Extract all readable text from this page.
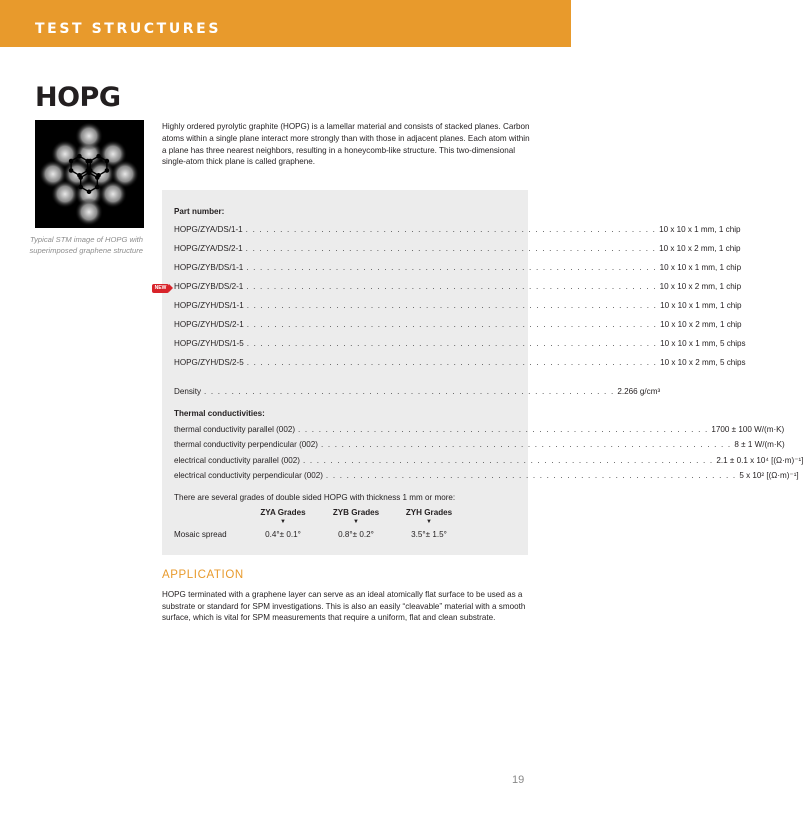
TEST STRUCTURES
HOPG
Typical STM image of HOPG with superimposed graphene structure
Highly ordered pyrolytic graphite (HOPG) is a lamellar material and consists of stacked planes. Carbon atoms within a single plane interact more strongly than with those in adjacent planes. Each atom within a plane has three nearest neighbors, resulting in a honeycomb-like structure. This two-dimensional single-atom thick plane is called graphene.
Part number:
HOPG/ZYA/DS/1-1 . . . . . . . . . . . . . . . . . . . . . . . . . . . . . . . . . . . . . . . . . . . . . . . . . . . . . . . . . . . . 10 x 10 x 1 mm, 1 chip
HOPG/ZYA/DS/2-1 . . . . . . . . . . . . . . . . . . . . . . . . . . . . . . . . . . . . . . . . . . . . . . . . . . . . . . . . . . . . 10 x 10 x 2 mm, 1 chip
HOPG/ZYB/DS/1-1 . . . . . . . . . . . . . . . . . . . . . . . . . . . . . . . . . . . . . . . . . . . . . . . . . . . . . . . . . . . . 10 x 10 x 1 mm, 1 chip
HOPG/ZYB/DS/2-1 . . . . . . . . . . . . . . . . . . . . . . . . . . . . . . . . . . . . . . . . . . . . . . . . . . . . . . . . . . . . 10 x 10 x 2 mm, 1 chip
HOPG/ZYH/DS/1-1 . . . . . . . . . . . . . . . . . . . . . . . . . . . . . . . . . . . . . . . . . . . . . . . . . . . . . . . . . . . . 10 x 10 x 1 mm, 1 chip
HOPG/ZYH/DS/2-1 . . . . . . . . . . . . . . . . . . . . . . . . . . . . . . . . . . . . . . . . . . . . . . . . . . . . . . . . . . . . 10 x 10 x 2 mm, 1 chip
HOPG/ZYH/DS/1-5 . . . . . . . . . . . . . . . . . . . . . . . . . . . . . . . . . . . . . . . . . . . . . . . . . . . . . . . . . . . . 10 x 10 x 1 mm, 5 chips
HOPG/ZYH/DS/2-5 . . . . . . . . . . . . . . . . . . . . . . . . . . . . . . . . . . . . . . . . . . . . . . . . . . . . . . . . . . . . 10 x 10 x 2 mm, 5 chips
Density . . . . . . . . . . . . . . . . . . . . . . . . . . . . . . . . . . . . . . . . . . . . . . . . . . . . . . . . . . . . 2.266 g/cm³
Thermal conductivities:
thermal conductivity parallel (002) . . . . . . . . . . . . . . . . . . . . . . . . . . . . . . . . . . . . . . . . . . . . . . . . . . . . . . . . . . . . 1700 ± 100 W/(m·K)
thermal conductivity perpendicular (002) . . . . . . . . . . . . . . . . . . . . . . . . . . . . . . . . . . . . . . . . . . . . . . . . . . . . . . . . . . . . 8 ± 1 W/(m·K)
electrical conductivity parallel (002) . . . . . . . . . . . . . . . . . . . . . . . . . . . . . . . . . . . . . . . . . . . . . . . . . . . . . . . . . . . . 2.1 ± 0.1 x 10⁴ [(Ω·m)⁻¹]
electrical conductivity perpendicular (002) . . . . . . . . . . . . . . . . . . . . . . . . . . . . . . . . . . . . . . . . . . . . . . . . . . . . . . . . . . . . 5 x 10² [(Ω·m)⁻¹]
There are several grades of double sided HOPG with thickness 1 mm or more:
ZYA Grades	ZYB Grades	ZYH Grades
▼	▼	▼
Mosaic spread	0.4°± 0.1°	0.8°± 0.2°	3.5°± 1.5°
NEW
APPLICATION
HOPG terminated with a graphene layer can serve as an ideal atomically flat surface to be used as a substrate or standard for SPM investigations. This is also an easily “cleavable” material with a smooth surface, which is vital for SPM measurements that require a uniform, flat and clean substrate.
19
